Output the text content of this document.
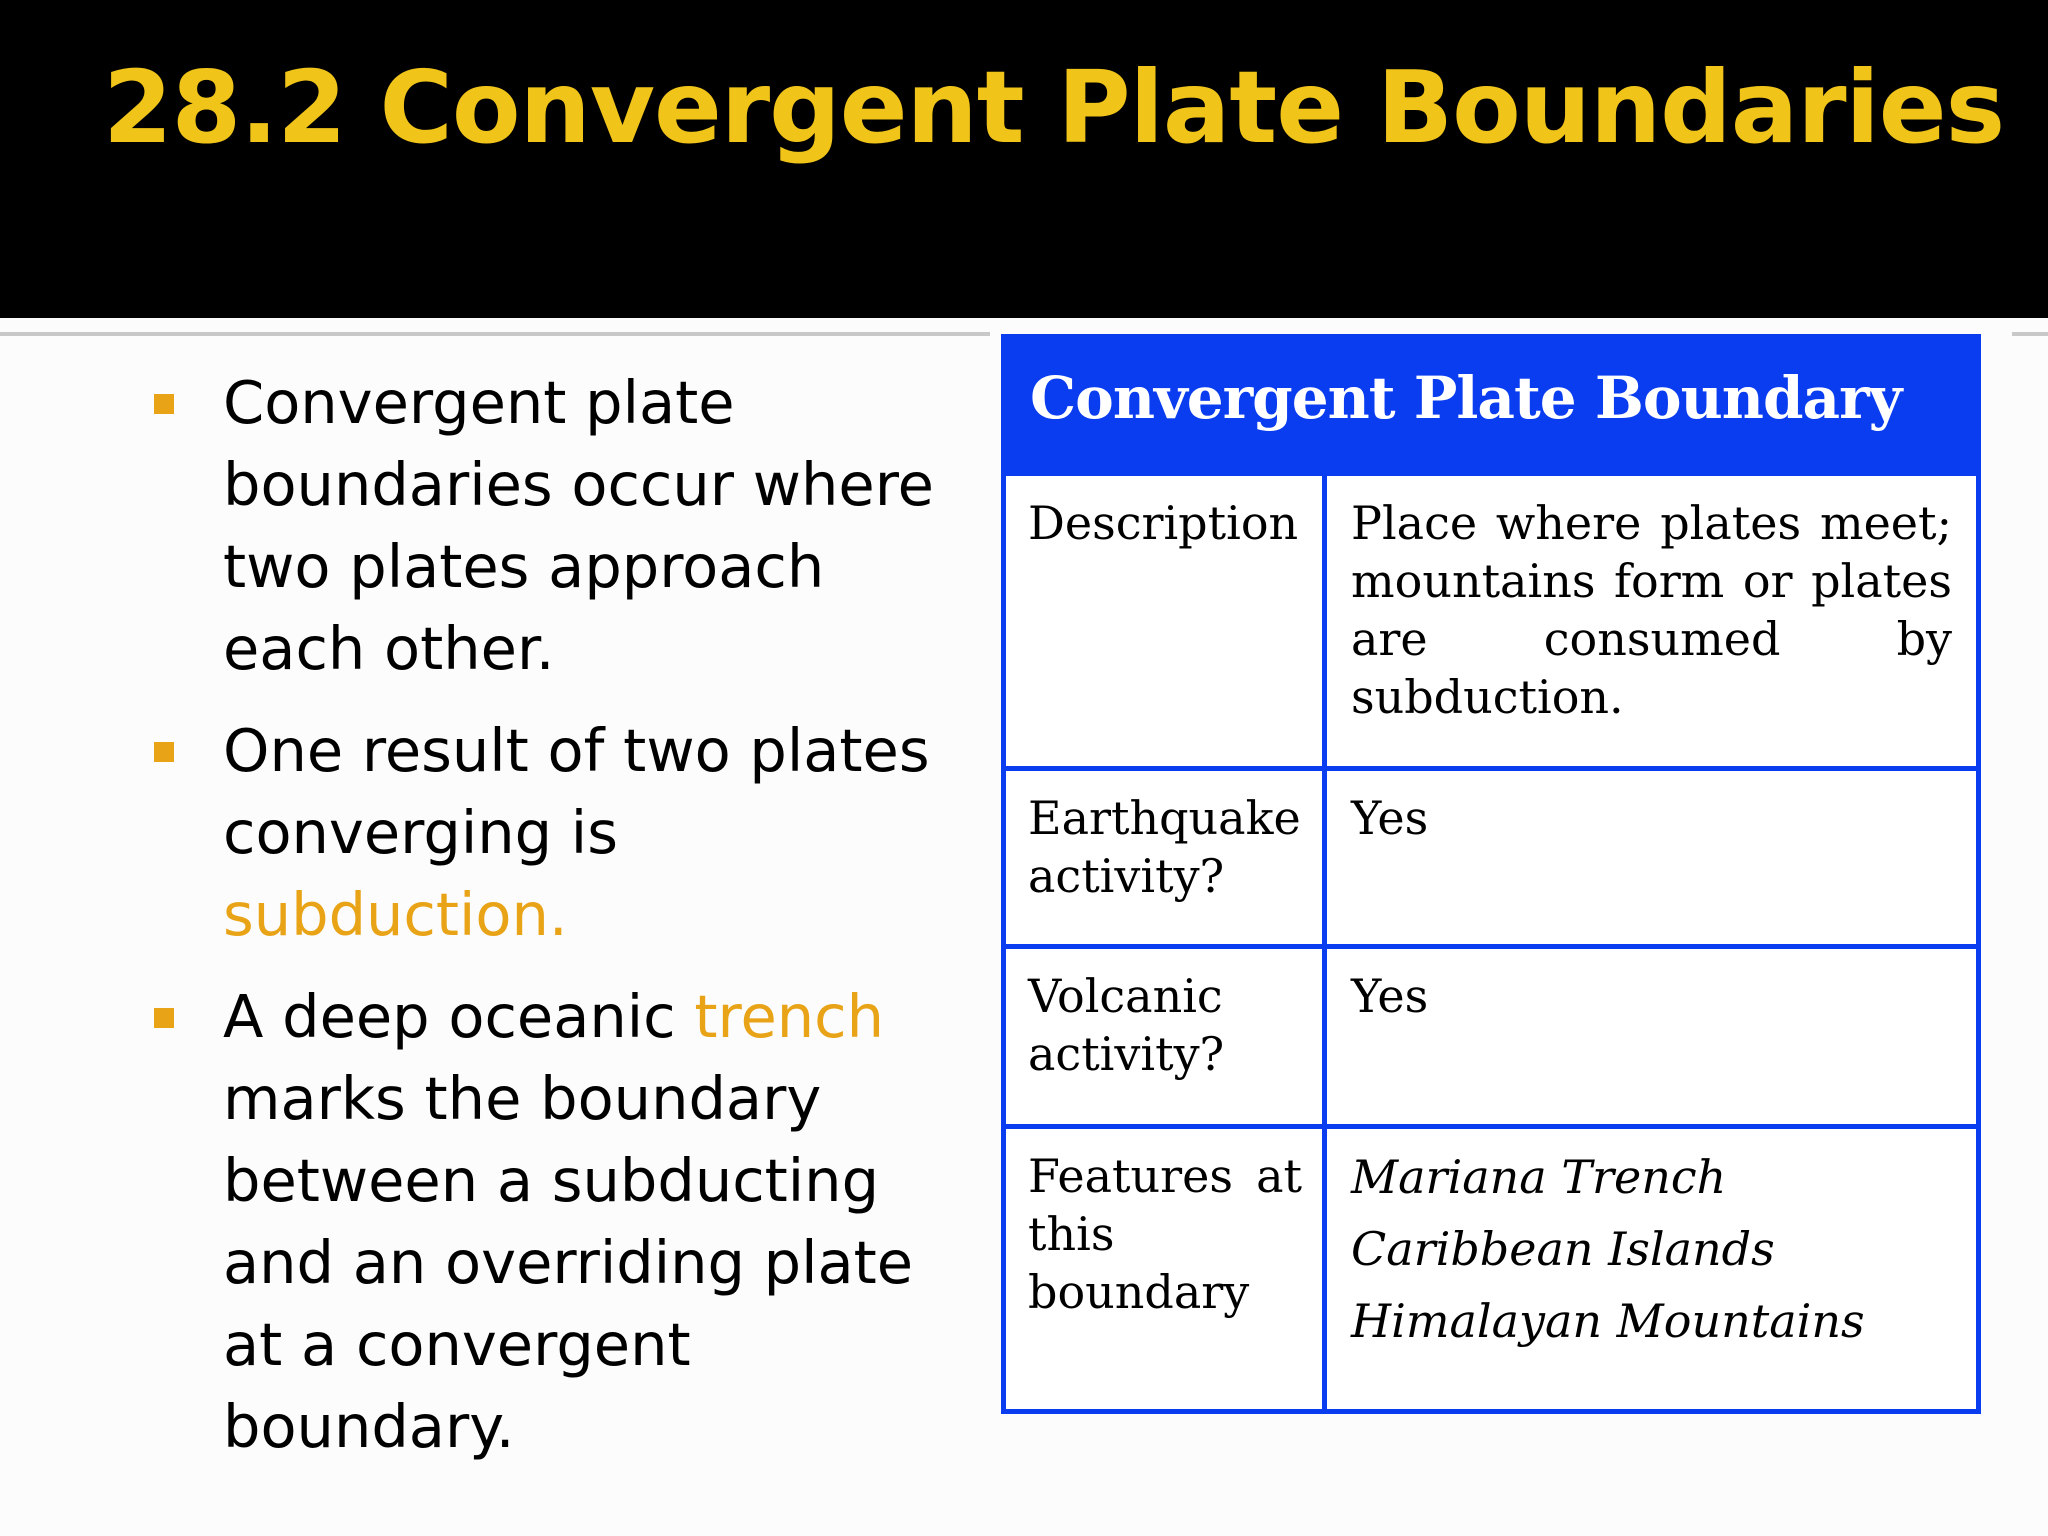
28.2 Convergent Plate Boundaries
Convergent plate boundaries occur where two plates approach each other.
One result of two plates converging is subduction.
A deep oceanic trench marks the boundary between a subducting and an overriding plate at a convergent boundary.
Convergent Plate Boundary
Description	Place where plates meet; mountains form or plates are consumed by subduction.
Earthquake activity?
Yes
Volcanic activity?
Yes
Features at this boundary
Mariana Trench
Caribbean Islands
Himalayan Mountains
